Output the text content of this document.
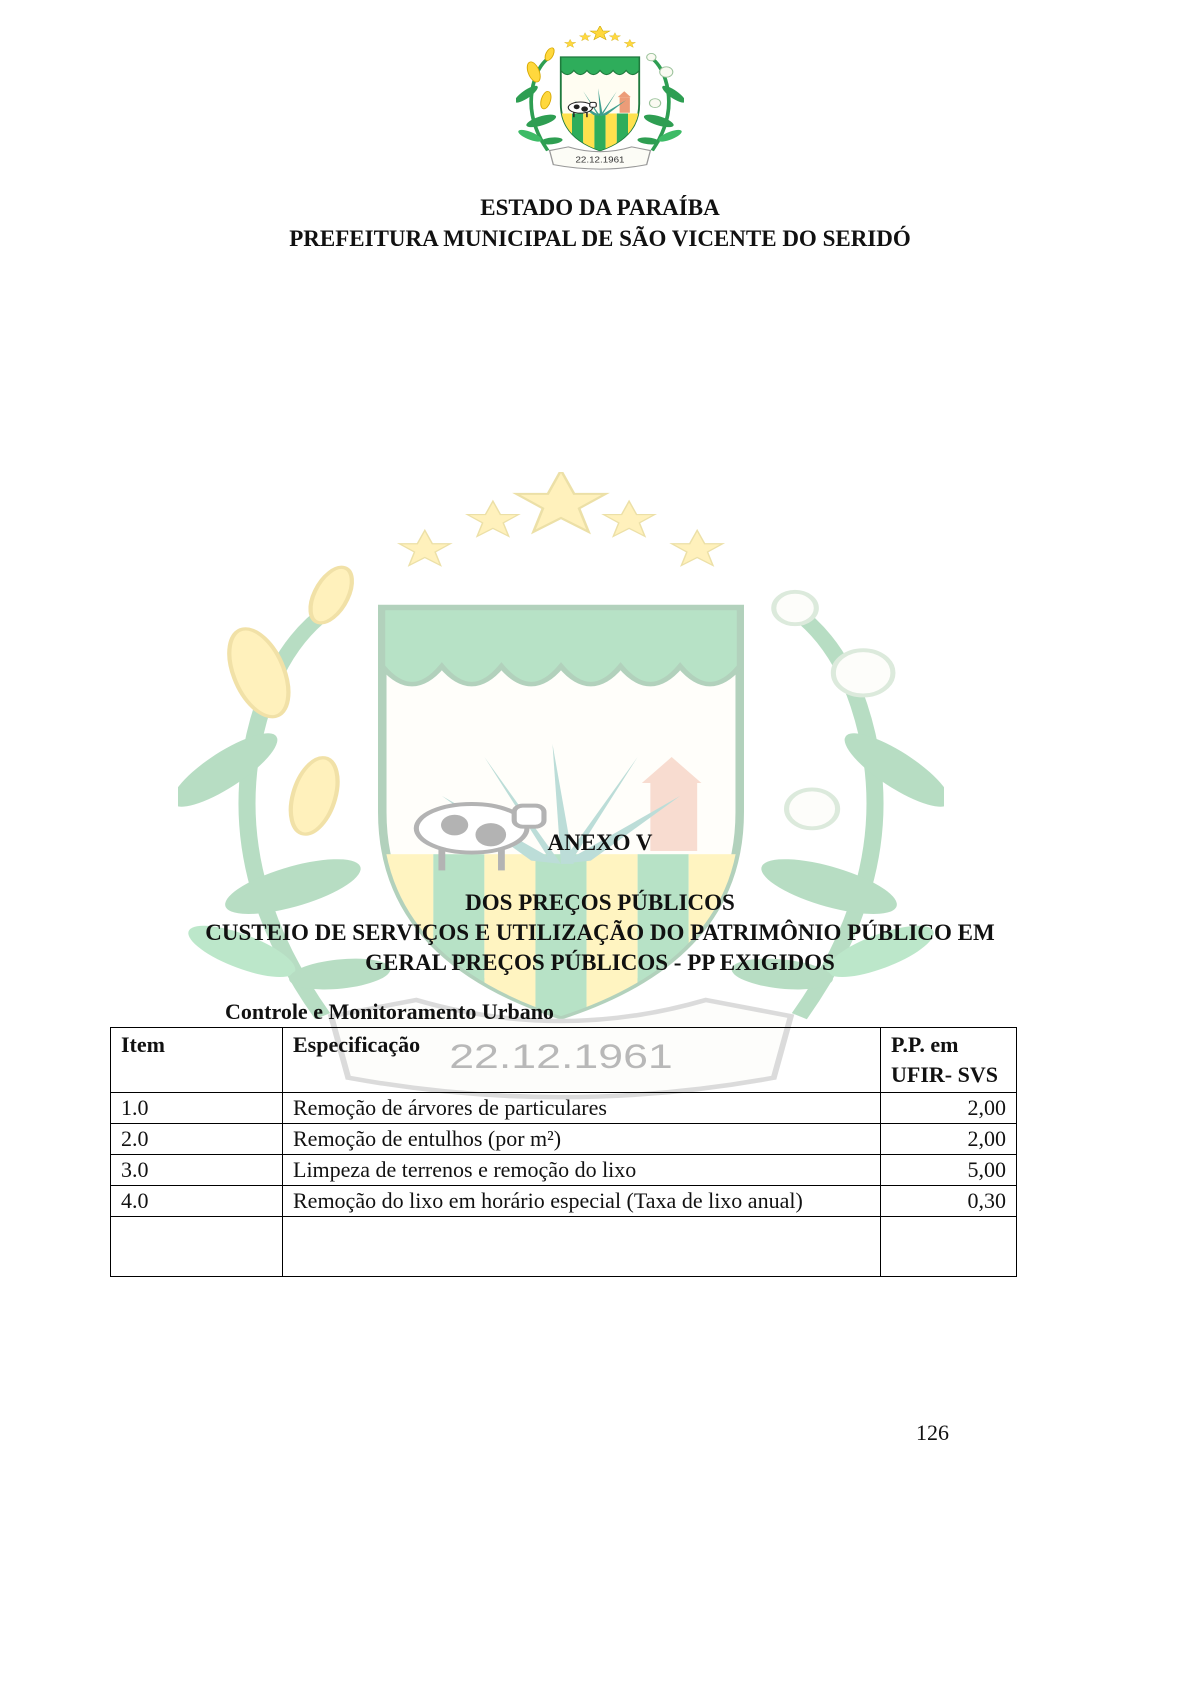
ESTADO DA PARAÍBA
PREFEITURA MUNICIPAL DE SÃO VICENTE DO SERIDÓ
ANEXO V
DOS PREÇOS PÚBLICOS
CUSTEIO DE SERVIÇOS E UTILIZAÇÃO DO PATRIMÔNIO PÚBLICO EM
GERAL PREÇOS PÚBLICOS - PP EXIGIDOS
Controle e Monitoramento Urbano
Item	Especificação	P.P. em
UFIR- SVS

1.0	Remoção de árvores de particulares	2,00
2.0	Remoção de entulhos (por m²)	2,00
3.0	Limpeza de terrenos e remoção do lixo	5,00
4.0	Remoção do lixo em horário especial (Taxa de lixo anual)	0,30

126
